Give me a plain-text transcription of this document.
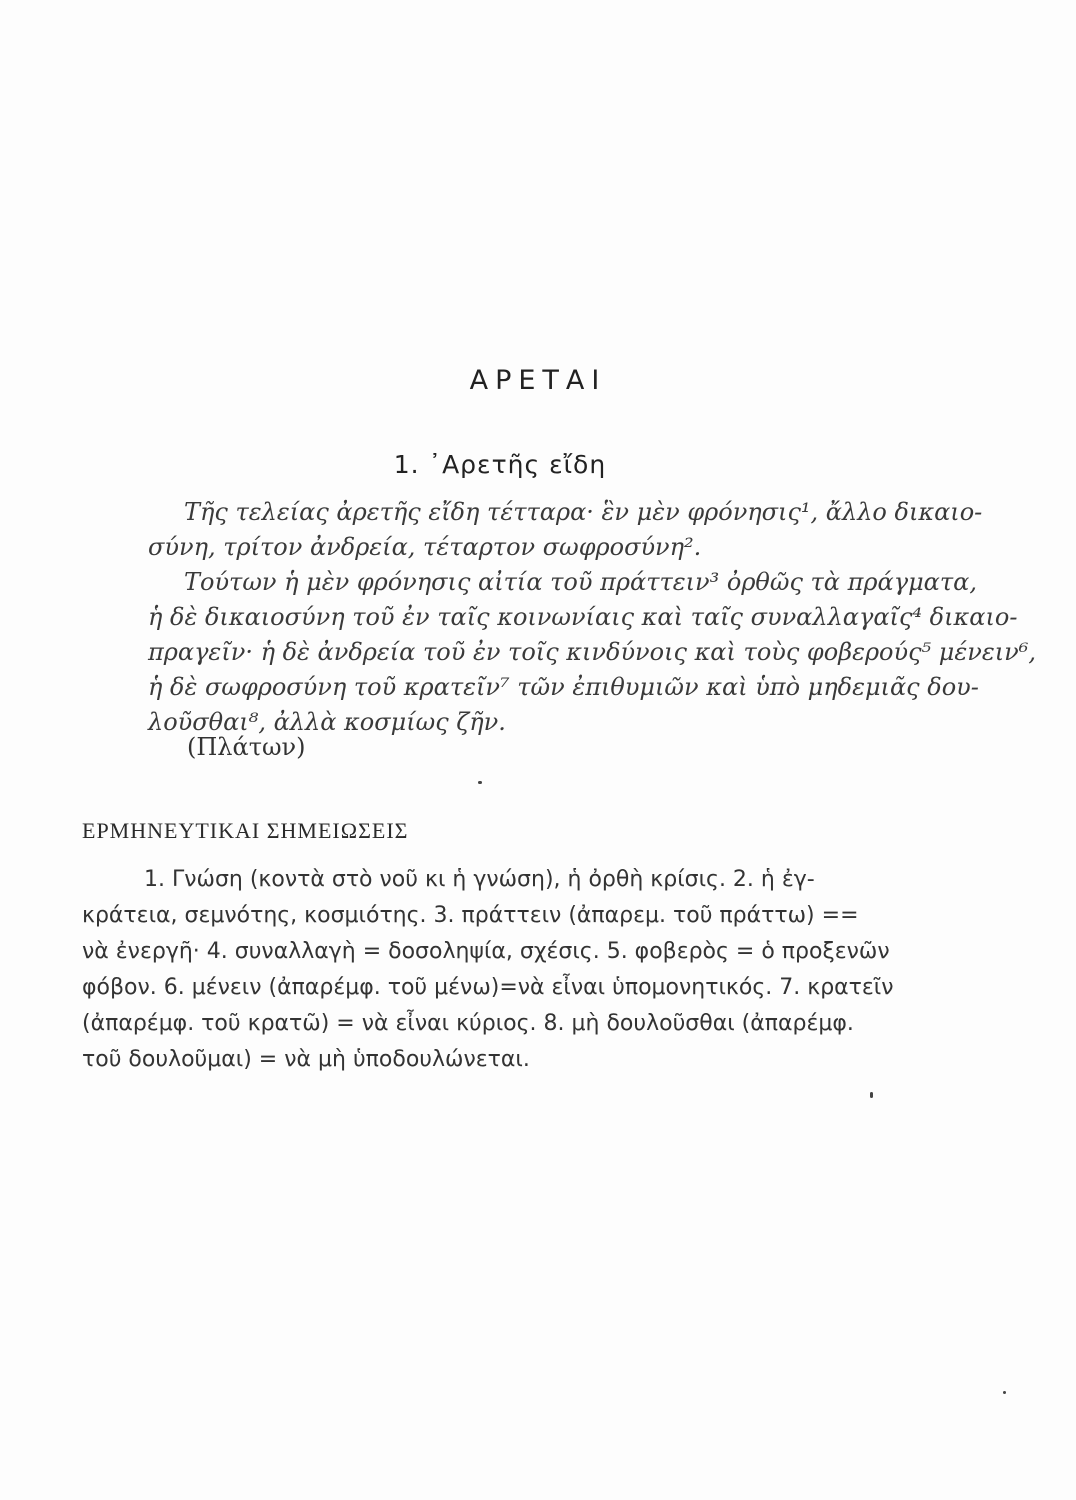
ΑΡΕΤΑΙ
1. ᾿Αρετῆς εἴδη
Τῆς τελείας ἀρετῆς εἴδη τέτταρα· ἓν μὲν φρόνησις¹, ἄλλο δικαιο-
σύνη, τρίτον ἀνδρεία, τέταρτον σωφροσύνη².
Τούτων ἡ μὲν φρόνησις αἰτία τοῦ πράττειν³ ὀρθῶς τὰ πράγματα,
ἡ δὲ δικαιοσύνη τοῦ ἐν ταῖς κοινωνίαις καὶ ταῖς συναλλαγαῖς⁴ δικαιο-
πραγεῖν· ἡ δὲ ἀνδρεία τοῦ ἐν τοῖς κινδύνοις καὶ τοὺς φοβερούς⁵ μένειν⁶,
ἡ δὲ σωφροσύνη τοῦ κρατεῖν⁷ τῶν ἐπιθυμιῶν καὶ ὑπὸ μηδεμιᾶς δου-
λοῦσθαι⁸, ἀλλὰ κοσμίως ζῆν.
(Πλάτων)
ΕΡΜΗΝΕΥΤΙΚΑΙ ΣΗΜΕΙΩΣΕΙΣ
1. Γνώση (κοντὰ στὸ νοῦ κι ἡ γνώση), ἡ ὀρθὴ κρίσις. 2. ἡ ἐγ-
κράτεια, σεμνότης, κοσμιότης. 3. πράττειν (ἀπαρεμ. τοῦ πράττω) ==
νὰ ἐνεργῆ· 4. συναλλαγὴ = δοσοληψία, σχέσις. 5. φοβερὸς = ὁ προξενῶν
φόβον. 6. μένειν (ἀπαρέμφ. τοῦ μένω)=νὰ εἶναι ὑπομονητικός. 7. κρατεῖν
(ἀπαρέμφ. τοῦ κρατῶ) = νὰ εἶναι κύριος. 8. μὴ δουλοῦσθαι (ἀπαρέμφ.
τοῦ δουλοῦμαι) = νὰ μὴ ὑποδουλώνεται.
